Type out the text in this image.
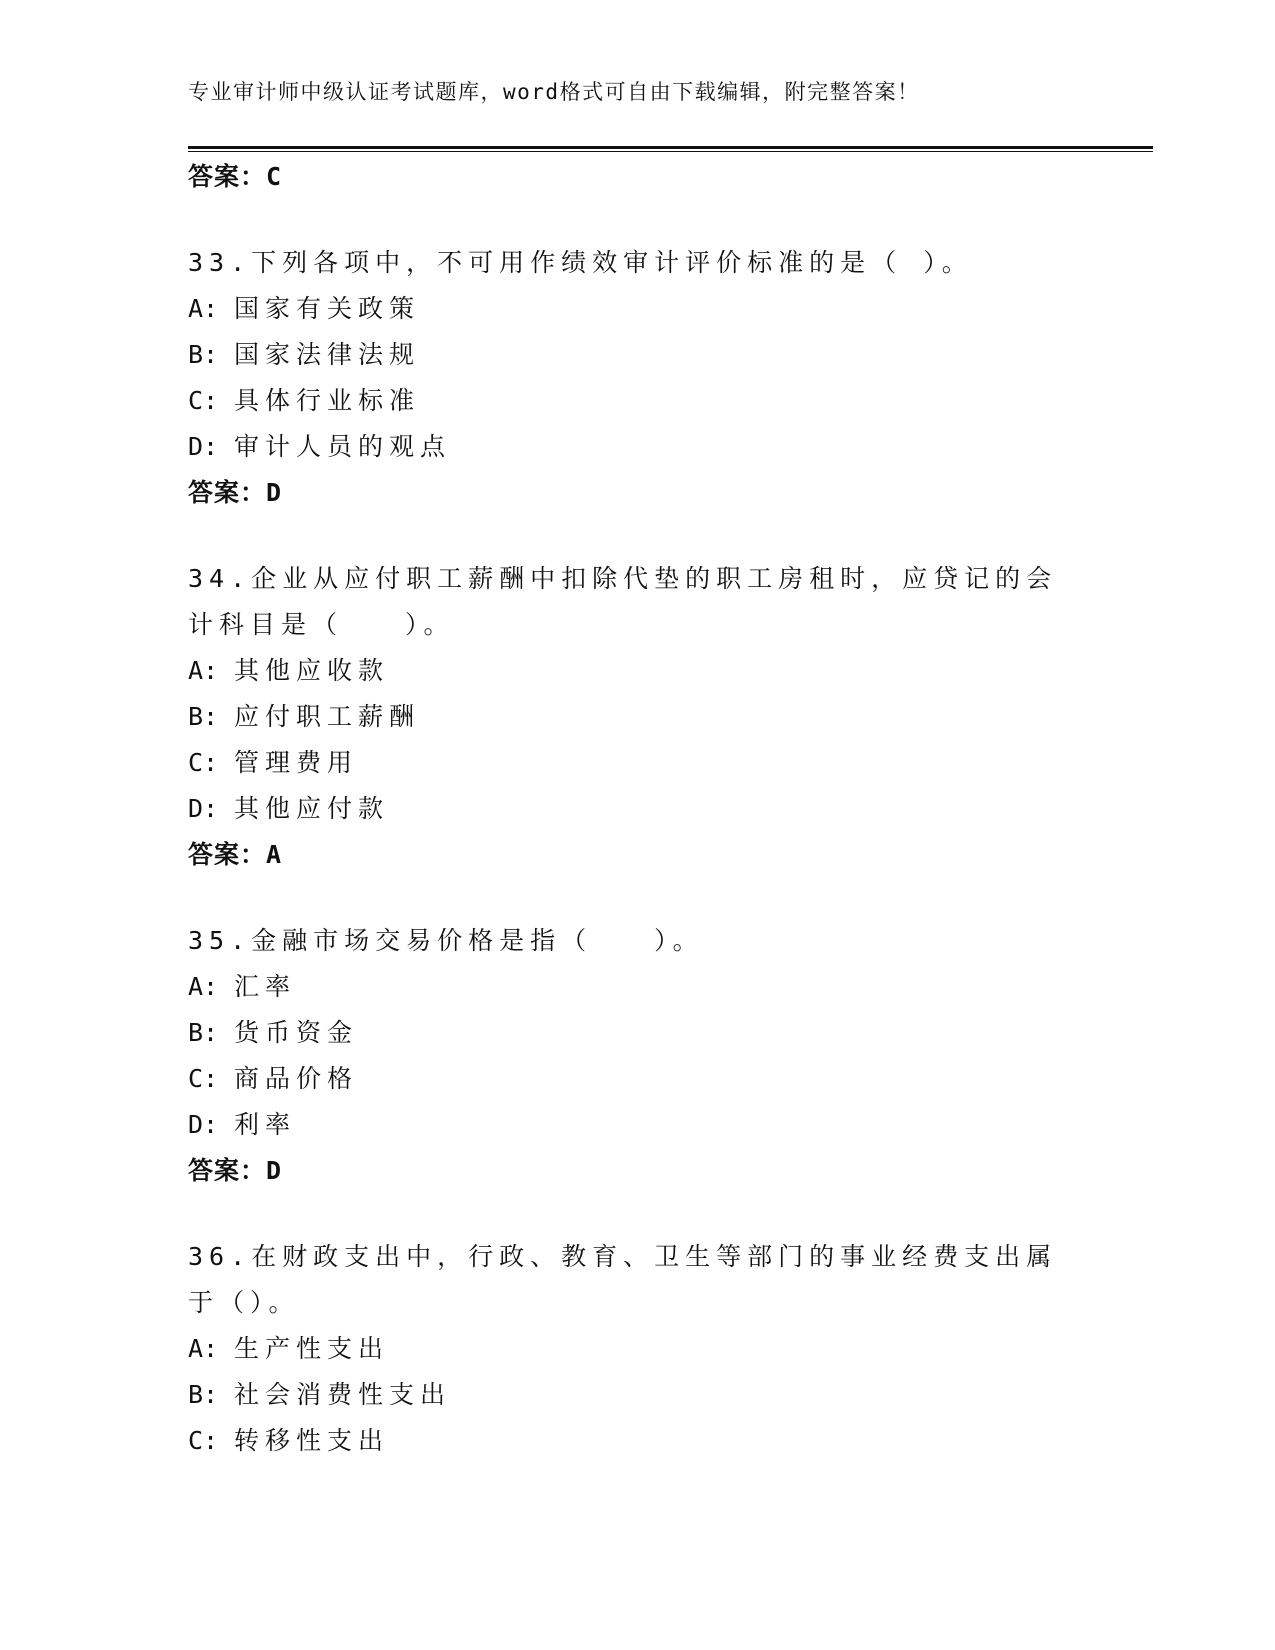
专业审计师中级认证考试题库，word格式可自由下载编辑，附完整答案！
答案：C
33.下列各项中，不可用作绩效审计评价标准的是（ ）。
A: 国家有关政策
B: 国家法律法规
C: 具体行业标准
D: 审计人员的观点
答案：D
34.企业从应付职工薪酬中扣除代垫的职工房租时，应贷记的会计科目是（　　）。
A: 其他应收款
B: 应付职工薪酬
C: 管理费用
D: 其他应付款
答案：A
35.金融市场交易价格是指（　　）。
A: 汇率
B: 货币资金
C: 商品价格
D: 利率
答案：D
36.在财政支出中，行政、教育、卫生等部门的事业经费支出属于（）。
A: 生产性支出
B: 社会消费性支出
C: 转移性支出
